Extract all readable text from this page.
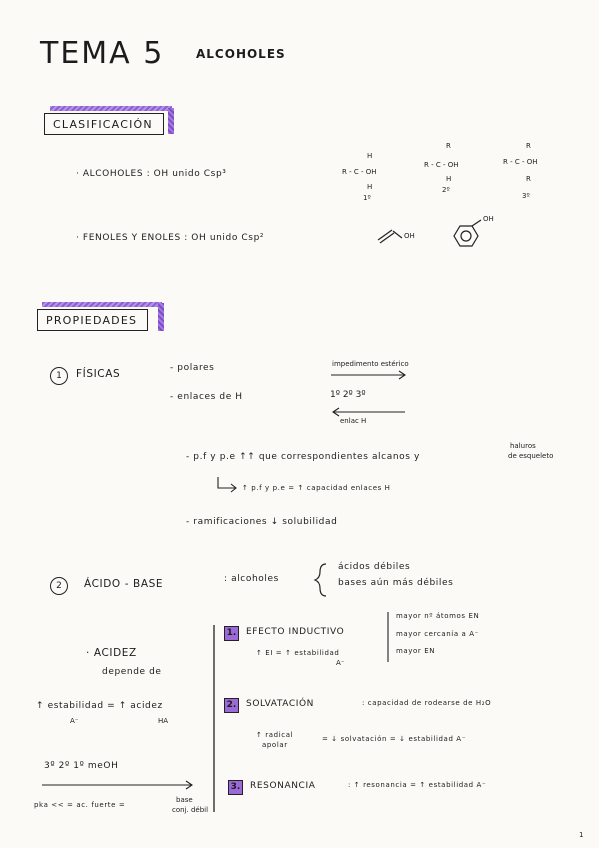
TEMA 5	ALCOHOLES
CLASIFICACIÓN
· ALCOHOLES : OH unido Csp³
· FENOLES Y ENOLES : OH unido Csp²
H
R - C - OH
H
1º
R
R - C - OH
H
2º
R
R - C - OH
R
3º
OH
OH
PROPIEDADES
1	FÍSICAS	- polares
- enlaces de H
impedimento estérico
1º 2º 3º
enlac H
- p.f y p.e ↑↑ que correspondientes alcanos y
haluros
de esqueleto
↑ p.f y p.e = ↑ capacidad enlaces H
- ramificaciones ↓ solubilidad
2	ÁCIDO - BASE	: alcoholes
ácidos débiles
bases aún más débiles
· ACIDEZ
depende de
↑ estabilidad = ↑ acidez
A⁻	HA
3º 2º 1º meOH
pka << = ac. fuerte =
base
conj. débil
1. EFECTO INDUCTIVO
↑ EI = ↑ estabilidad
A⁻
mayor nº átomos EN
mayor cercanía a A⁻
mayor EN
2. SOLVATACIÓN	: capacidad de rodearse de H₂O
↑ radical
apolar
= ↓ solvatación = ↓ estabilidad A⁻
3. RESONANCIA	: ↑ resonancia = ↑ estabilidad A⁻
1
